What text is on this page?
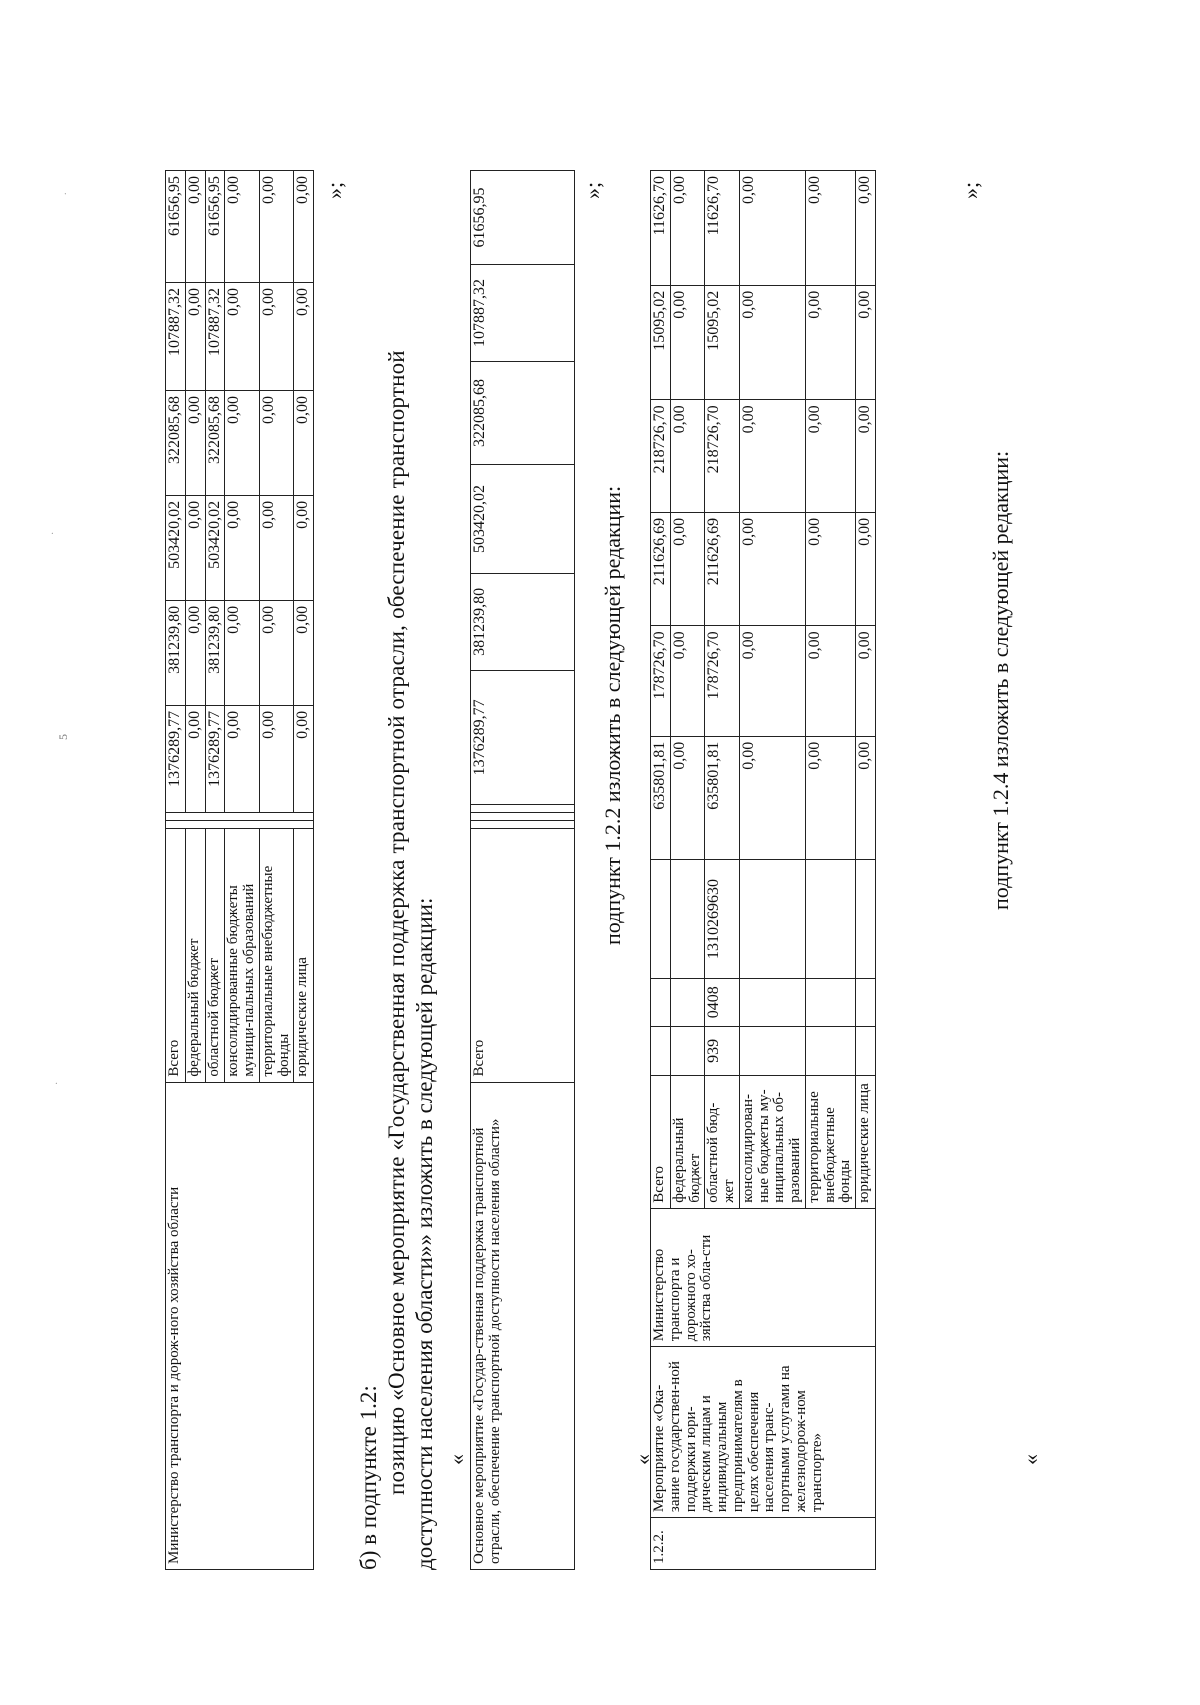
5
.
·
·
Министерство транспорта и дорож-ного хозяйства области	Всего			1376289,77	381239,80	503420,02	322085,68	107887,32	61656,95
	федеральный бюджет			0,00	0,00	0,00	0,00	0,00	0,00
	областной бюджет			1376289,77	381239,80	503420,02	322085,68	107887,32	61656,95
	консолидированные бюджеты муници-пальных образований			0,00	0,00	0,00	0,00	0,00	0,00
	территориальные внебюджетные фонды			0,00	0,00	0,00	0,00	0,00	0,00
	юридические лица			0,00	0,00	0,00	0,00	0,00	0,00 »;
б) в подпункте 1.2: позицию «Основное мероприятие «Государственная поддержка транспортной отрасли, обеспечение транспортной доступности населения области»» изложить в следующей редакции: « Основное мероприятие «Государ-ственная поддержка транспортной отрасли, обеспечение транспортной доступности населения области»	Всего				1376289,77	381239,80	503420,02	322085,68	107887,32	61656,95	»;
подпункт 1.2.2 изложить в следующей редакции:
«
1.2.2.	Мероприятие «Ока-зание государствен-ной поддержки юри-дическим лицам и индивидуальным предпринимателям в целях обеспечения населения транс-портными услугами на железнодорож-ном транспорте»	Министерство транспорта и дорожного хо-зяйства обла-сти	Всего				635801,81	178726,70	211626,69	218726,70	15095,02	11626,70
			федеральный бюджет				0,00	0,00	0,00	0,00	0,00	0,00
			областной бюд-жет	939	0408	1310269630	635801,81	178726,70	211626,69	218726,70	15095,02	11626,70
			консолидирован-ные бюджеты му-ниципальных об-разований				0,00	0,00	0,00	0,00	0,00	0,00
			территориальные внебюджетные фонды				0,00	0,00	0,00	0,00	0,00	0,00
			юридические лица				0,00	0,00	0,00	0,00	0,00	0,00	»;
подпункт 1.2.4 изложить в следующей редакции:
«
